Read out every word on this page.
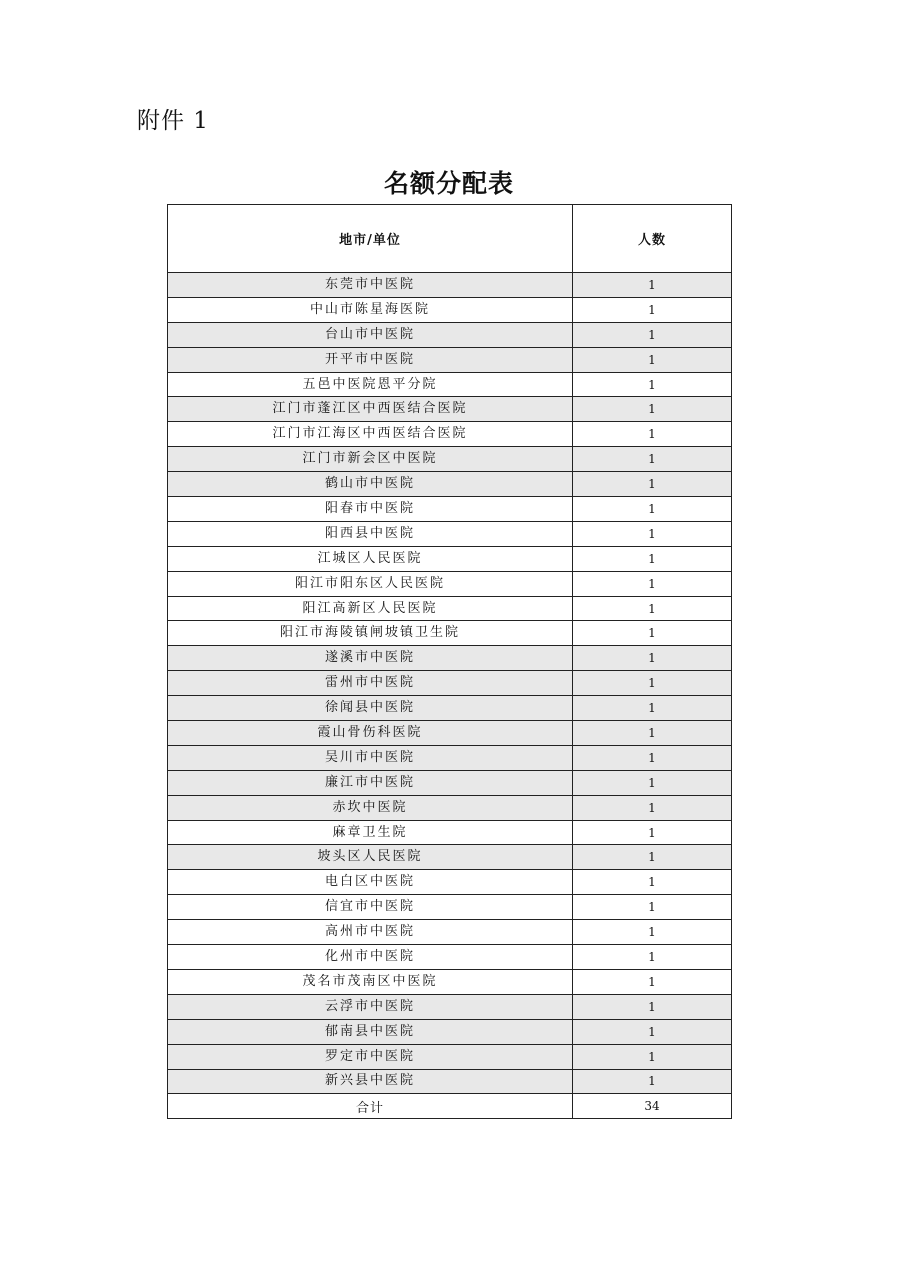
附件 1
名额分配表
地市/单位	人数
东莞市中医院	1
中山市陈星海医院	1
台山市中医院	1
开平市中医院	1
五邑中医院恩平分院	1
江门市蓬江区中西医结合医院	1
江门市江海区中西医结合医院	1
江门市新会区中医院	1
鹤山市中医院	1
阳春市中医院	1
阳西县中医院	1
江城区人民医院	1
阳江市阳东区人民医院	1
阳江高新区人民医院	1
阳江市海陵镇闸坡镇卫生院	1
遂溪市中医院	1
雷州市中医院	1
徐闻县中医院	1
霞山骨伤科医院	1
吴川市中医院	1
廉江市中医院	1
赤坎中医院	1
麻章卫生院	1
坡头区人民医院	1
电白区中医院	1
信宜市中医院	1
高州市中医院	1
化州市中医院	1
茂名市茂南区中医院	1
云浮市中医院	1
郁南县中医院	1
罗定市中医院	1
新兴县中医院	1
合计	34
